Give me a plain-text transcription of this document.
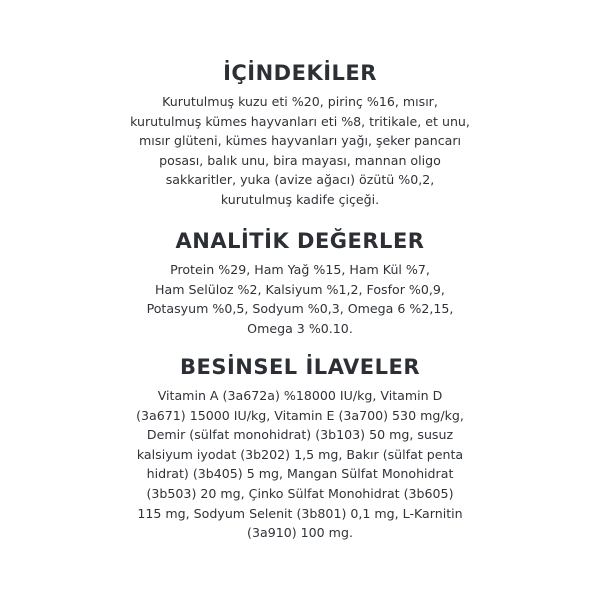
İÇİNDEKİLER
Kurutulmuş kuzu eti %20, pirinç %16, mısır,
kurutulmuş kümes hayvanları eti %8, tritikale, et unu,
mısır glüteni, kümes hayvanları yağı, şeker pancarı
posası, balık unu, bira mayası, mannan oligo
sakkaritler, yuka (avize ağacı) özütü %0,2,
kurutulmuş kadife çiçeği.
ANALİTİK DEĞERLER
Protein %29, Ham Yağ %15, Ham Kül %7,
Ham Selüloz %2, Kalsiyum %1,2, Fosfor %0,9,
Potasyum %0,5, Sodyum %0,3, Omega 6 %2,15,
Omega 3 %0.10.
BESİNSEL İLAVELER
Vitamin A (3a672a) %18000 IU/kg, Vitamin D
(3a671) 15000 IU/kg, Vitamin E (3a700) 530 mg/kg,
Demir (sülfat monohidrat) (3b103) 50 mg, susuz
kalsiyum iyodat (3b202) 1,5 mg, Bakır (sülfat penta
hidrat) (3b405) 5 mg, Mangan Sülfat Monohidrat
(3b503) 20 mg, Çinko Sülfat Monohidrat (3b605)
115 mg, Sodyum Selenit (3b801) 0,1 mg, L-Karnitin
(3a910) 100 mg.
